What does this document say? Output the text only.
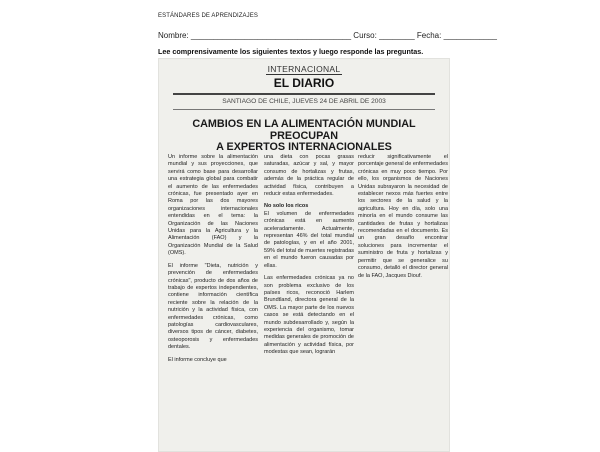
ESTÁNDARES DE APRENDIZAJES
Nombre: ____________________________________ Curso: ________ Fecha: ____________
Lee comprensivamente los siguientes textos y luego responde las preguntas.
INTERNACIONAL
EL DIARIO
SANTIAGO DE CHILE, JUEVES 24 DE ABRIL DE 2003
CAMBIOS EN LA ALIMENTACIÓN MUNDIAL PREOCUPAN
A EXPERTOS INTERNACIONALES

Un informe sobre la alimentación mundial y sus proyecciones, que servirá como base para desarrollar una estrategia global para combatir el aumento de las enfermedades crónicas, fue presentado ayer en Roma por las dos mayores organizaciones internacionales entendidas en el tema: la Organización de las Naciones Unidas para la Agricultura y la Alimentación (FAO) y la Organización Mundial de la Salud (OMS).

El informe "Dieta, nutrición y prevención de enfermedades crónicas", producto de dos años de trabajo de expertos independientes, contiene información científica reciente sobre la relación de la nutrición y la actividad física, con enfermedades crónicas, como patologías cardiovasculares, diversos tipos de cáncer, diabetes, osteoporosis y enfermedades dentales.

El informe concluye que

una dieta con pocas grasas saturadas, azúcar y sal, y mayor consumo de hortalizas y frutas, además de la práctica regular de actividad física, contribuyen a reducir estas enfermedades.

No solo los ricos

El volumen de enfermedades crónicas está en aumento aceleradamente. Actualmente, representan 46% del total mundial de patologías, y en el año 2001, 59% del total de muertes registradas en el mundo fueron causadas por ellas.

Las enfermedades crónicas ya no son problema exclusivo de los países ricos, reconoció Harlem Brundtland, directora general de la OMS. La mayor parte de los nuevos casos se está detectando en el mundo subdesarrollado y, según la experiencia del organismo, tomar medidas generales de promoción de alimentación y actividad física, por modestas que sean, lograrán

reducir significativamente el porcentaje general de enfermedades crónicas en muy poco tiempo. Por ello, los organismos de Naciones Unidas subrayaron la necesidad de establecer nexos más fuertes entre los sectores de la salud y la agricultura. Hoy en día, solo una minoría en el mundo consume las cantidades de frutas y hortalizas recomendadas en el documento. Es un gran desafío encontrar soluciones para incrementar el suministro de fruta y hortalizas y permitir que se generalice su consumo, detalló el director general de la FAO, Jacques Diouf.
